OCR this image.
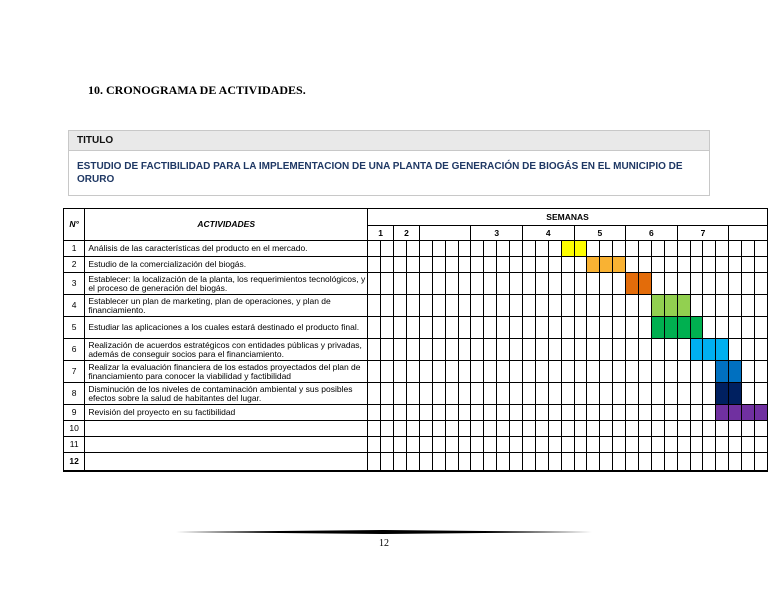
10. CRONOGRAMA DE ACTIVIDADES.
TITULO
ESTUDIO DE FACTIBILIDAD PARA LA IMPLEMENTACION DE UNA PLANTA DE GENERACIÓN DE BIOGÁS EN EL MUNICIPIO DE ORURO
N°	ACTIVIDADES	SEMANAS																														
		1		2						3				4				5				6				7						
1	Análisis de las características del producto en el mercado.																															
2	Estudio de la comercialización del biogás.																															
3	Establecer: la localización de la planta, los requerimientos tecnológicos, y el proceso de generación del biogás.																															
4	Establecer un plan de marketing, plan de operaciones, y plan de financiamiento.																															
5	Estudiar las aplicaciones a los cuales estará destinado el producto final.																															
6	Realización de acuerdos estratégicos con entidades públicas y privadas, además de conseguir socios para el financiamiento.																															
7	Realizar la evaluación financiera de los estados proyectados del plan de financiamiento para conocer la viabilidad y factibilidad																															
8	Disminución de los niveles de contaminación ambiental y sus posibles efectos sobre la salud de habitantes del lugar.																															
9	Revisión del proyecto en su factibilidad																															
10																																
11																																
12																																
12
